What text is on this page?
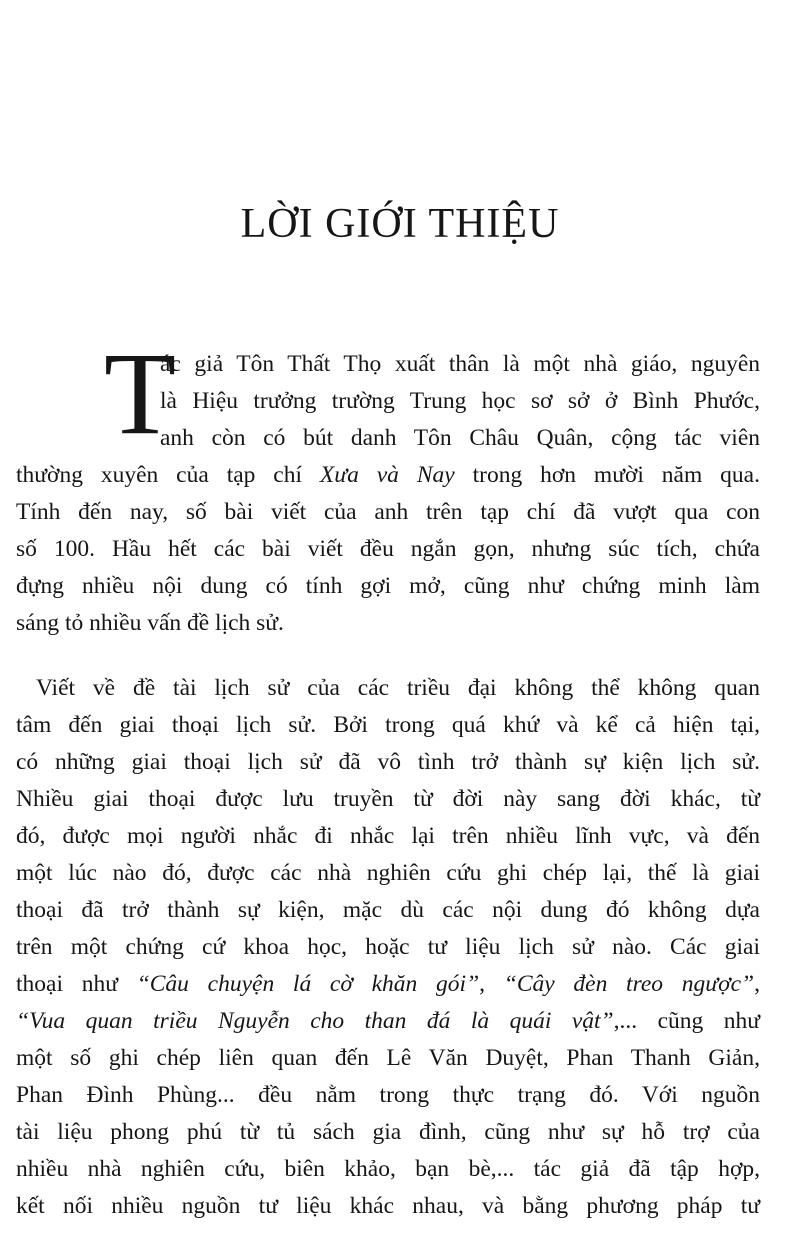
LỜI GIỚI THIỆU
T

ác giả Tôn Thất Thọ xuất thân là một nhà giáo, nguyên

là Hiệu trưởng trường Trung học sơ sở ở Bình Phước,

anh còn có bút danh Tôn Châu Quân, cộng tác viên

thường xuyên của tạp chí Xưa và Nay trong hơn mười năm qua.

Tính đến nay, số bài viết của anh trên tạp chí đã vượt qua con

số 100. Hầu hết các bài viết đều ngắn gọn, nhưng súc tích, chứa

đựng nhiều nội dung có tính gợi mở, cũng như chứng minh làm

sáng tỏ nhiều vấn đề lịch sử.

Viết về đề tài lịch sử của các triều đại không thể không quan

tâm đến giai thoại lịch sử. Bởi trong quá khứ và kể cả hiện tại,

có những giai thoại lịch sử đã vô tình trở thành sự kiện lịch sử.

Nhiều giai thoại được lưu truyền từ đời này sang đời khác, từ

đó, được mọi người nhắc đi nhắc lại trên nhiều lĩnh vực, và đến

một lúc nào đó, được các nhà nghiên cứu ghi chép lại, thế là giai

thoại đã trở thành sự kiện, mặc dù các nội dung đó không dựa

trên một chứng cứ khoa học, hoặc tư liệu lịch sử nào. Các giai

thoại như “Câu chuyện lá cờ khăn gói”, “Cây đèn treo ngược”,

“Vua quan triều Nguyễn cho than đá là quái vật”,... cũng như

một số ghi chép liên quan đến Lê Văn Duyệt, Phan Thanh Giản,

Phan Đình Phùng... đều nằm trong thực trạng đó. Với nguồn

tài liệu phong phú từ tủ sách gia đình, cũng như sự hỗ trợ của

nhiều nhà nghiên cứu, biên khảo, bạn bè,... tác giả đã tập hợp,

kết nối nhiều nguồn tư liệu khác nhau, và bằng phương pháp tư
